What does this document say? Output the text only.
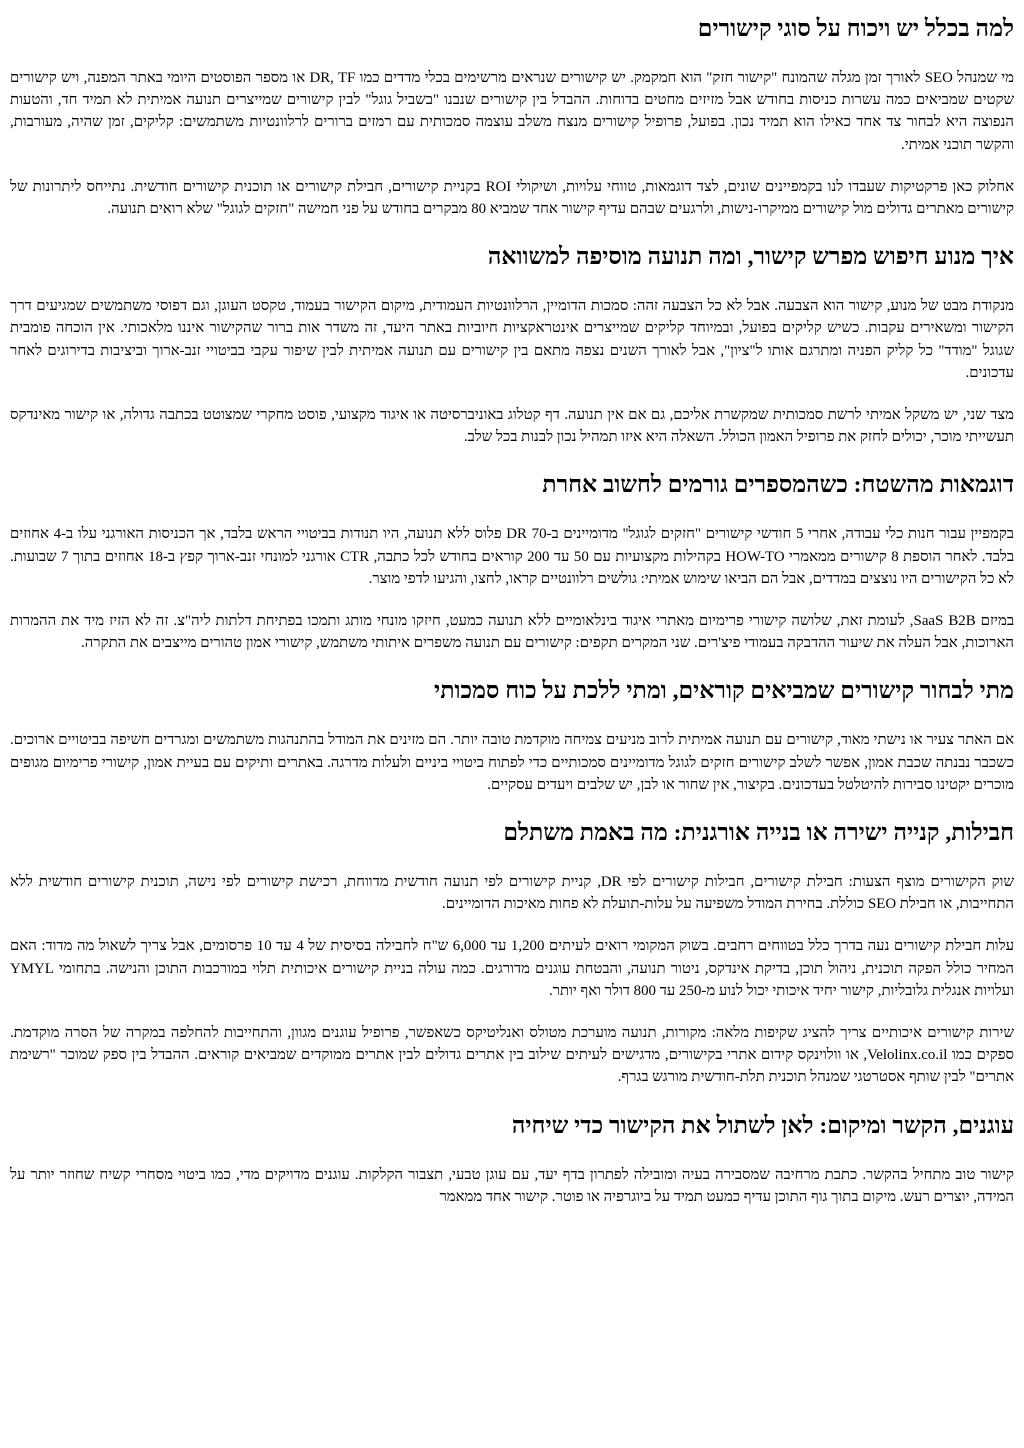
למה בכלל יש ויכוח על סוגי קישורים

מי שמנהל SEO לאורך זמן מגלה שהמונח "קישור חזק" הוא חמקמק. יש קישורים שנראים מרשימים בכלי מדדים כמו DR, TF או מספר הפוסטים היומי באתר המפנה, ויש קישורים שקטים שמביאים כמה עשרות כניסות בחודש אבל מזיזים מחטים בדוחות. ההבדל בין קישורים שנבנו "בשביל גוגל" לבין קישורים שמייצרים תנועה אמיתית לא תמיד חד, והטעות הנפוצה היא לבחור צד אחד כאילו הוא תמיד נכון. בפועל, פרופיל קישורים מנצח משלב עוצמה סמכותית עם רמזים ברורים לרלוונטיות משתמשים: קליקים, זמן שהיה, מעורבות, והקשר תוכני אמיתי.

אחלוק כאן פרקטיקות שעבדו לנו בקמפיינים שונים, לצד דוגמאות, טווחי עלויות, ושיקולי ROI בקניית קישורים, חבילת קישורים או תוכנית קישורים חודשית. נתייחס ליתרונות של קישורים מאתרים גדולים מול קישורים ממיקרו-נישות, ולרגעים שבהם עדיף קישור אחד שמביא 80 מבקרים בחודש על פני חמישה "חזקים לגוגל" שלא רואים תנועה.

איך מנוע חיפוש מפרש קישור, ומה תנועה מוסיפה למשוואה

מנקודת מבט של מנוע, קישור הוא הצבעה. אבל לא כל הצבעה זהה: סמכות הדומיין, הרלוונטיות העמודית, מיקום הקישור בעמוד, טקסט העוגן, וגם דפוסי משתמשים שמגיעים דרך הקישור ומשאירים עקבות. כשיש קליקים בפועל, ובמיוחד קליקים שמייצרים אינטראקציות חיוביות באתר היעד, זה משדר אות ברור שהקישור איננו מלאכותי. אין הוכחה פומבית שגוגל "מודד" כל קליק הפניה ומתרגם אותו ל"ציון", אבל לאורך השנים נצפה מתאם בין קישורים עם תנועה אמיתית לבין שיפור עקבי בביטויי זנב-ארוך וביציבות בדירוגים לאחר עדכונים.

מצד שני, יש משקל אמיתי לרשת סמכותית שמקשרת אליכם, גם אם אין תנועה. דף קטלוג באוניברסיטה או איגוד מקצועי, פוסט מחקרי שמצוטט בכתבה גדולה, או קישור מאינדקס תעשייתי מוכר, יכולים לחזק את פרופיל האמון הכולל. השאלה היא איזו תמהיל נכון לבנות בכל שלב.

דוגמאות מהשטח: כשהמספרים גורמים לחשוב אחרת

בקמפיין עבור חנות כלי עבודה, אחרי 5 חודשי קישורים "חזקים לגוגל" מדומיינים ב-DR 70 פלוס ללא תנועה, היו תנודות בביטויי הראש בלבד, אך הכניסות האורגני עלו ב-4 אחוזים בלבד. לאחר הוספת 8 קישורים ממאמרי HOW-TO בקהילות מקצועיות עם 50 עד 200 קוראים בחודש לכל כתבה, CTR אורגני למונחי זנב-ארוך קפץ ב-18 אחוזים בתוך 7 שבועות. לא כל הקישורים היו נוצצים במדדים, אבל הם הביאו שימוש אמיתי: גולשים רלוונטיים קראו, לחצו, והגיעו לדפי מוצר.

במיזם SaaS B2B, לעומת זאת, שלושה קישורי פרימיום מאתרי איגוד בינלאומיים ללא תנועה כמעט, חיזקו מונחי מותג ותמכו בפתיחת דלתות ליה"צ. זה לא הזיז מיד את ההמרות הארוכות, אבל העלה את שיעור ההדבקה בעמודי פיצ'רים. שני המקרים תקפים: קישורים עם תנועה משפרים איתותי משתמש, קישורי אמון טהורים מייצבים את התקרה.

מתי לבחור קישורים שמביאים קוראים, ומתי ללכת על כוח סמכותי

אם האתר צעיר או נישתי מאוד, קישורים עם תנועה אמיתית לרוב מניעים צמיחה מוקדמת טובה יותר. הם מזינים את המודל בהתנהגות משתמשים ומגרדים חשיפה בביטויים ארוכים. כשכבר נבנתה שכבת אמון, אפשר לשלב קישורים חזקים לגוגל מדומיינים סמכותיים כדי לפתוח ביטויי ביניים ולעלות מדרגה. באתרים ותיקים עם בעיית אמון, קישורי פרימיום מגופים מוכרים יקטינו סבירות להיטלטל בעדכונים. בקיצור, אין שחור או לבן, יש שלבים ויעדים עסקיים.

חבילות, קנייה ישירה או בנייה אורגנית: מה באמת משתלם

שוק הקישורים מוצף הצעות: חבילת קישורים, חבילות קישורים לפי DR, קניית קישורים לפי תנועה חודשית מדווחת, רכישת קישורים לפי נישה, תוכנית קישורים חודשית ללא התחייבות, או חבילת SEO כוללת. בחירת המודל משפיעה על עלות-תועלת לא פחות מאיכות הדומיינים.

עלות חבילת קישורים נעה בדרך כלל בטווחים רחבים. בשוק המקומי רואים לעיתים 1,200 עד 6,000 ש"ח לחבילה בסיסית של 4 עד 10 פרסומים, אבל צריך לשאול מה מדוד: האם המחיר כולל הפקה תוכנית, ניהול תוכן, בדיקת אינדקס, ניטור תנועה, והבטחת עוגנים מדורגים. כמה עולה בניית קישורים איכותית תלוי במורכבות התוכן והנישה. בתחומי YMYL ועלויות אנגלית גלובליות, קישור יחיד איכותי יכול לנוע מ-250 עד 800 דולר ואף יותר.

שירות קישורים איכותיים צריך להציג שקיפות מלאה: מקורות, תנועה מוערכת מטולס ואנליטיקס כשאפשר, פרופיל עוגנים מגוון, והתחייבות להחלפה במקרה של הסרה מוקדמת. ספקים כמו Velolinx.co.il, או וולוינקס קידום אתרי בקישורים, מדגישים לעיתים שילוב בין אתרים גדולים לבין אתרים ממוקדים שמביאים קוראים. ההבדל בין ספק שמוכר "רשימת אתרים" לבין שותף אסטרטגי שמנהל תוכנית תלת-חודשית מורגש בגרף.

עוגנים, הקשר ומיקום: לאן לשתול את הקישור כדי שיחיה

קישור טוב מתחיל בהקשר. כתבת מרחיבה שמסבירה בעיה ומובילה לפתרון בדף יעד, עם עוגן טבעי, תצבור הקלקות. עוגנים מדויקים מדי, כמו ביטוי מסחרי קשיח שחוזר יותר על המידה, יוצרים רעש. מיקום בתוך גוף התוכן עדיף כמעט תמיד על ביוגרפיה או פוטר. קישור אחד ממאמר
